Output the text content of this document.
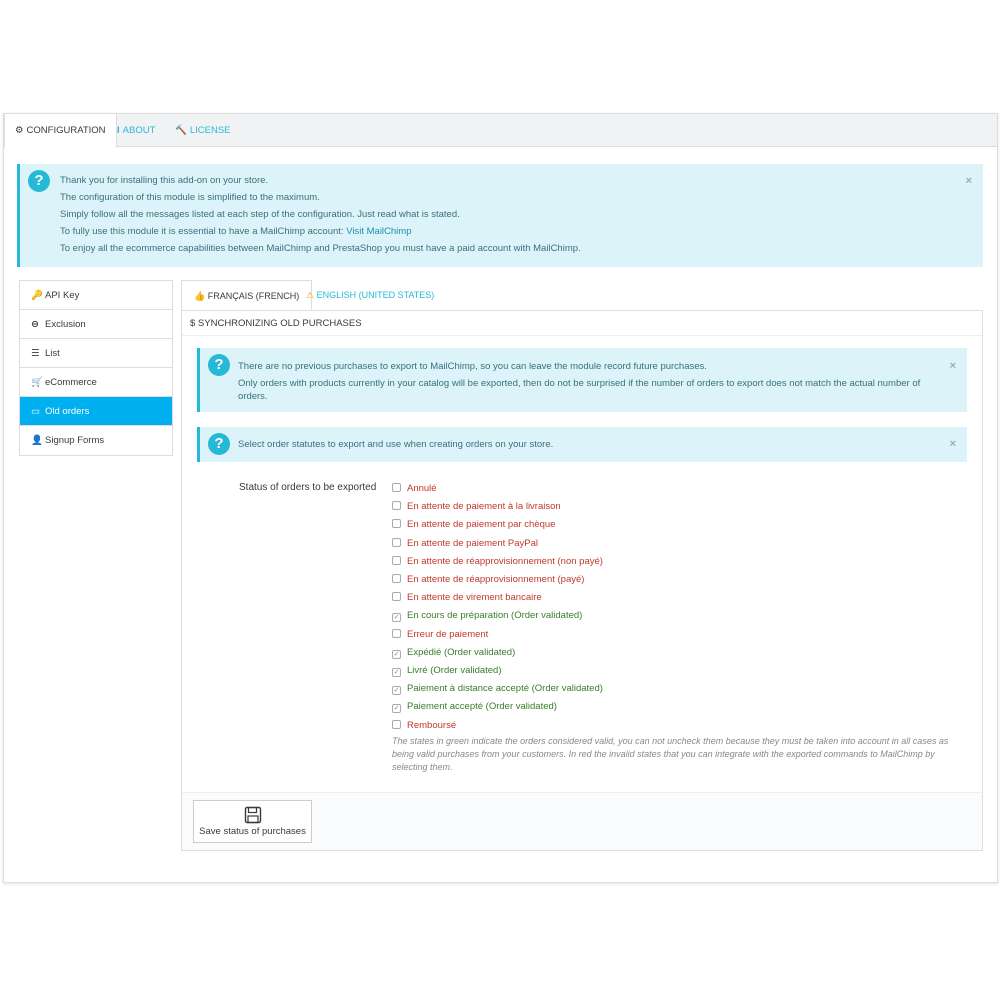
⚙ CONFIGURATION	I ABOUT	🔨 LICENSE
?	×
Thank you for installing this add-on on your store.
The configuration of this module is simplified to the maximum.
Simply follow all the messages listed at each step of the configuration. Just read what is stated.
To fully use this module it is essential to have a MailChimp account: Visit MailChimp
To enjoy all the ecommerce capabilities between MailChimp and PrestaShop you must have a paid account with MailChimp.
🔑 API Key
⊖ Exclusion
☰ List
🛒 eCommerce
▭ Old orders
👤 Signup Forms
👍 FRANÇAIS (FRENCH) ⚠ ENGLISH (UNITED STATES)
$ SYNCHRONIZING OLD PURCHASES
?	×
There are no previous purchases to export to MailChimp, so you can leave the module record future purchases.
Only orders with products currently in your catalog will be exported, then do not be surprised if the number of orders to export does not match the actual number of
orders.
?	×
Select order statutes to export and use when creating orders on your store.
Status of orders to be exported	Annulé
En attente de paiement à la livraison
En attente de paiement par chèque
En attente de paiement PayPal
En attente de réapprovisionnement (non payé)
En attente de réapprovisionnement (payé)
En attente de virement bancaire
✓ En cours de préparation (Order validated)
Erreur de paiement
✓ Expédié (Order validated)
✓ Livré (Order validated)
✓ Paiement à distance accepté (Order validated)
✓ Paiement accepté (Order validated)
Remboursé
The states in green indicate the orders considered valid, you can not uncheck them because they must be taken into account in all cases as being valid purchases from your customers. In red the invalid states that you can integrate with the exported commands to MailChimp by selecting them.
Save status of purchases
